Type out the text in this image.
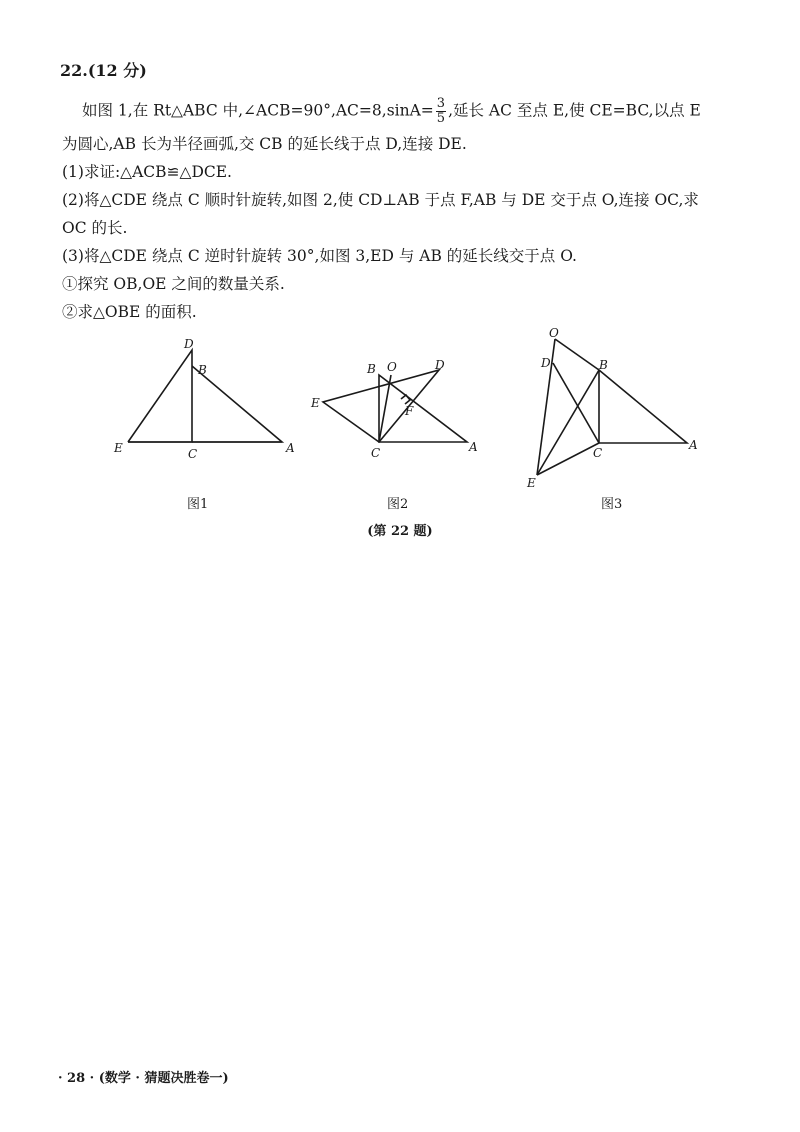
22.(12 分)
如图 1,在 Rt△ABC 中,∠ACB=90°,AC=8,sinA= $\frac{3}{5}$ ,延长 AC 至点 E,使 CE=BC,以点 E
为圆心,AB 长为半径画弧,交 CB 的延长线于点 D,连接 DE.
(1)求证:△ACB≌△DCE.
(2)将△CDE 绕点 C 顺时针旋转,如图 2,使 CD⊥AB 于点 F,AB 与 DE 交于点 O,连接 OC,求
OC 的长.
(3)将△CDE 绕点 C 逆时针旋转 30°,如图 3,ED 与 AB 的延长线交于点 O.
①探究 OB,OE 之间的数量关系.
②求△OBE 的面积.
D
B
E	C	A
图1
B O	D
E
F
C	A
图2
O
D	B
C
A
E
图3
(第 22 题)
· 28 · (数学 · 猜题决胜卷一)
